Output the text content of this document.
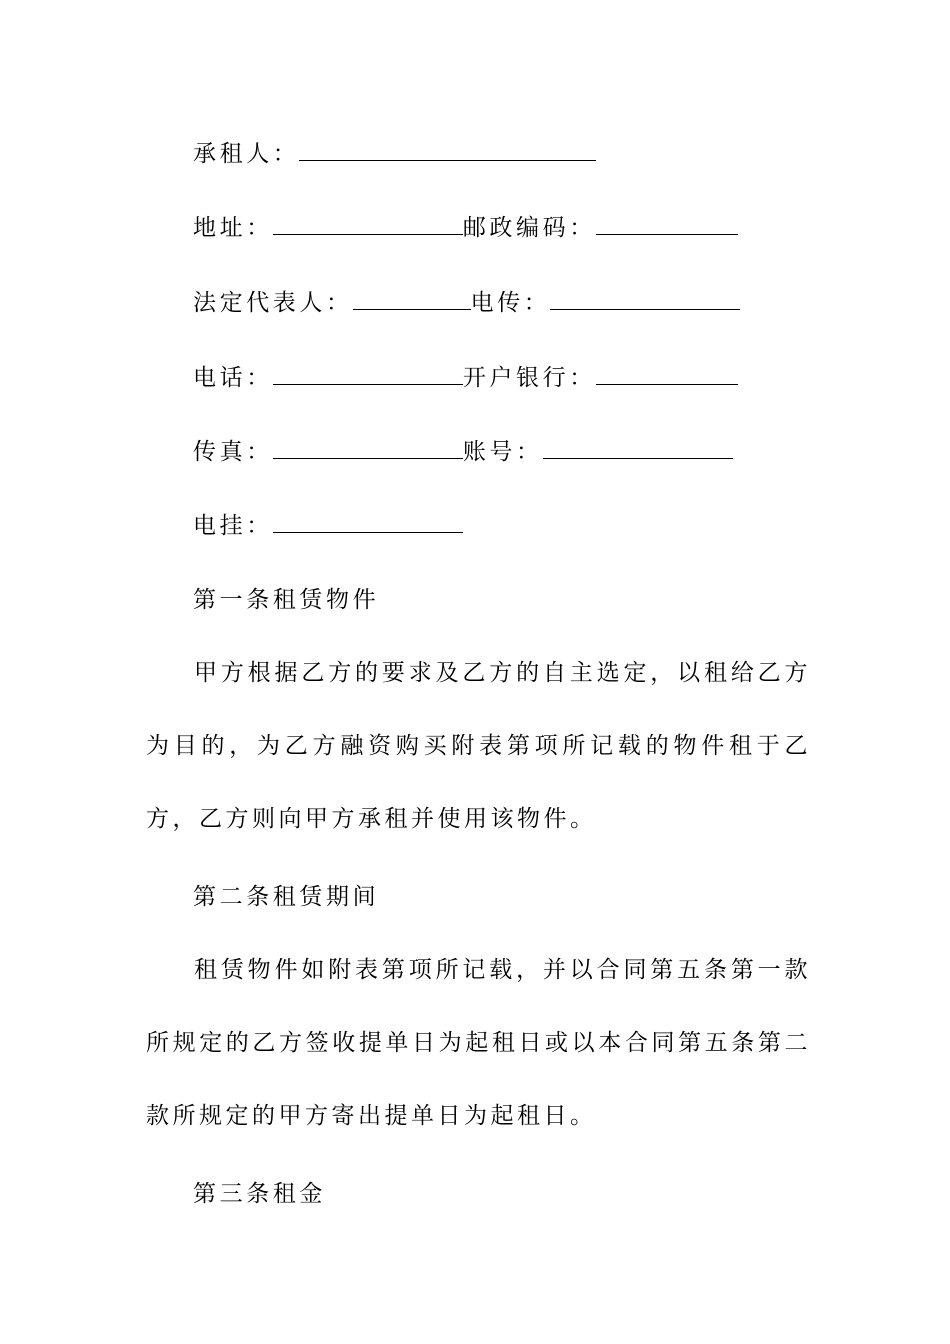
承租人：
地址：	邮政编码：
法定代表人：	电传：
电话：	开户银行：
传真：	账号：
电挂：
第一条租赁物件
甲方根据乙方的要求及乙方的自主选定，以租给乙方为目的，为乙方融资购买附表第项所记载的物件租于乙方，乙方则向甲方承租并使用该物件。
第二条租赁期间
租赁物件如附表第项所记载，并以合同第五条第一款所规定的乙方签收提单日为起租日或以本合同第五条第二款所规定的甲方寄出提单日为起租日。
第三条租金
